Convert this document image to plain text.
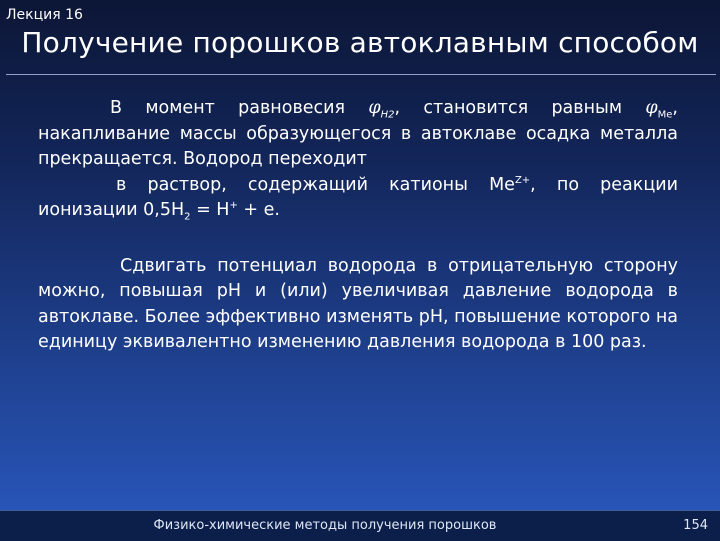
Лекция 16
Получение порошков автоклавным способом

В момент равновесия $\varphi_{H2}$, становится равным $\varphi_{Me}$, накапливание массы образующегося в автоклаве осадка металла прекращается. Водород переходит

в раствор, содержащий катионы $Me^{Z+}$, по реакции ионизации $0,5H_2 = H^+ + e$.

Сдвигать потенциал водорода в отрицательную сторону можно, повышая pH и (или) увеличивая давление водорода в автоклаве. Более эффективно изменять pH, повышение которого на единицу эквивалентно изменению давления водорода в 100 раз.

Физико-химические методы получения порошков	154
